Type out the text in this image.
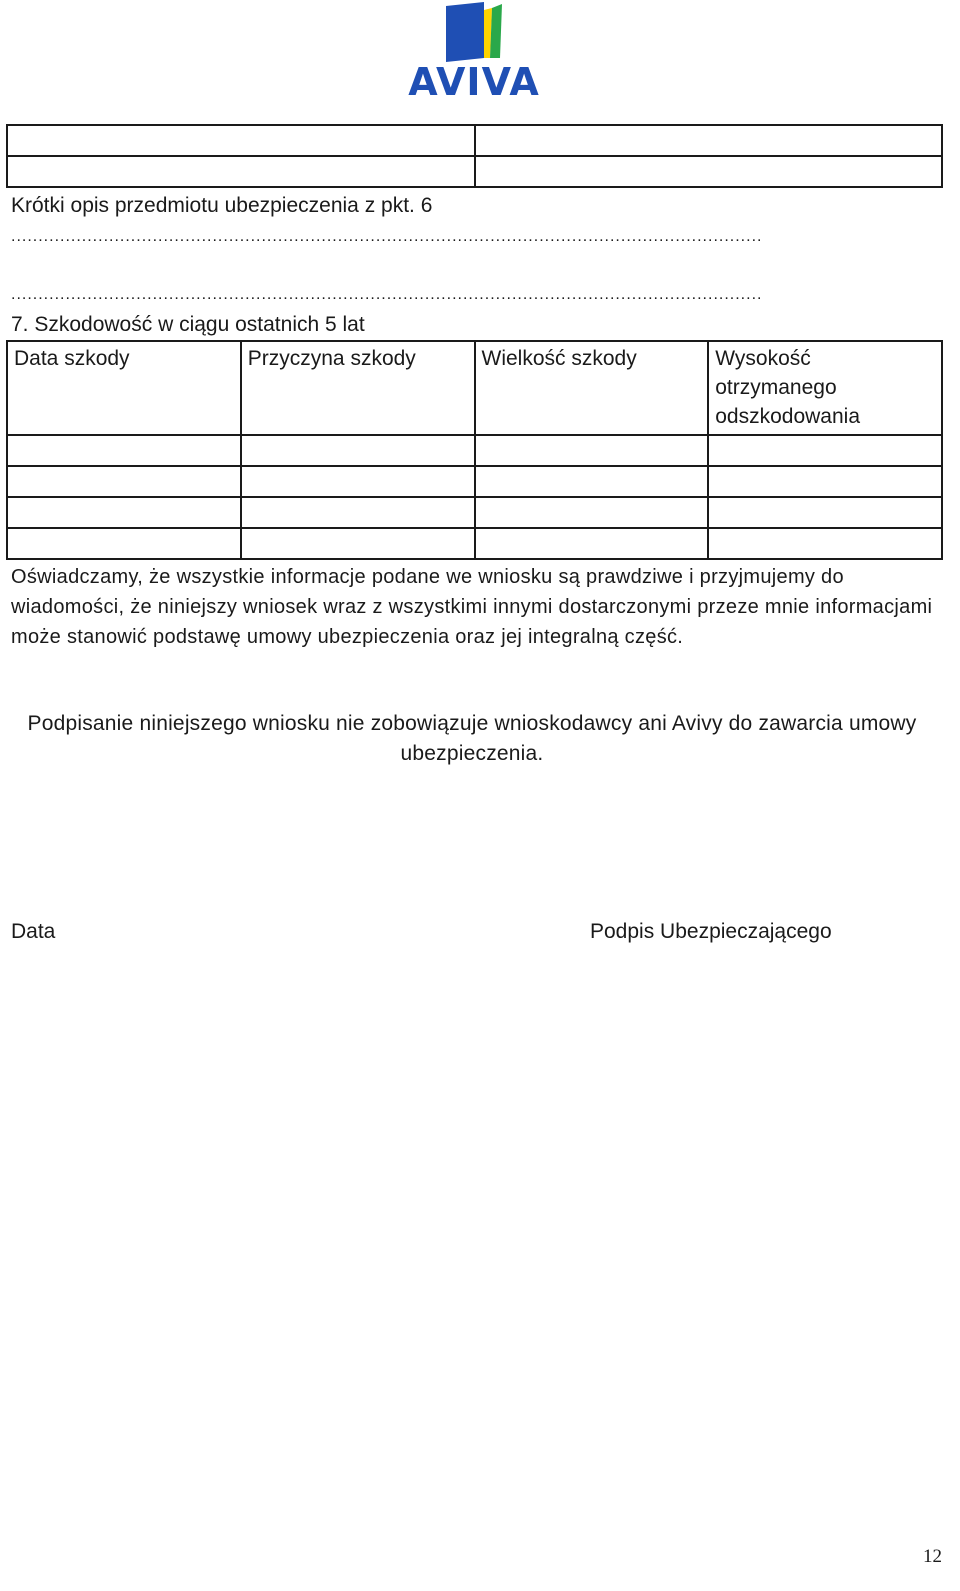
AVIVA

Krótki opis przedmiotu ubezpieczenia z pkt. 6
..........................................................................................................................................
..........................................................................................................................................
7. Szkodowość w ciągu ostatnich 5 lat
Data szkody	Przyczyna szkody	Wielkość szkody	Wysokość otrzymanego odszkodowania

Oświadczamy, że wszystkie informacje podane we wniosku są prawdziwe i przyjmujemy do

wiadomości, że niniejszy wniosek wraz z wszystkimi innymi dostarczonymi przeze mnie informacjami może stanowić podstawę umowy ubezpieczenia oraz jej integralną część.

Podpisanie niniejszego wniosku nie zobowiązuje wnioskodawcy ani Avivy do zawarcia umowy ubezpieczenia.
Data	Podpis Ubezpieczającego
12
